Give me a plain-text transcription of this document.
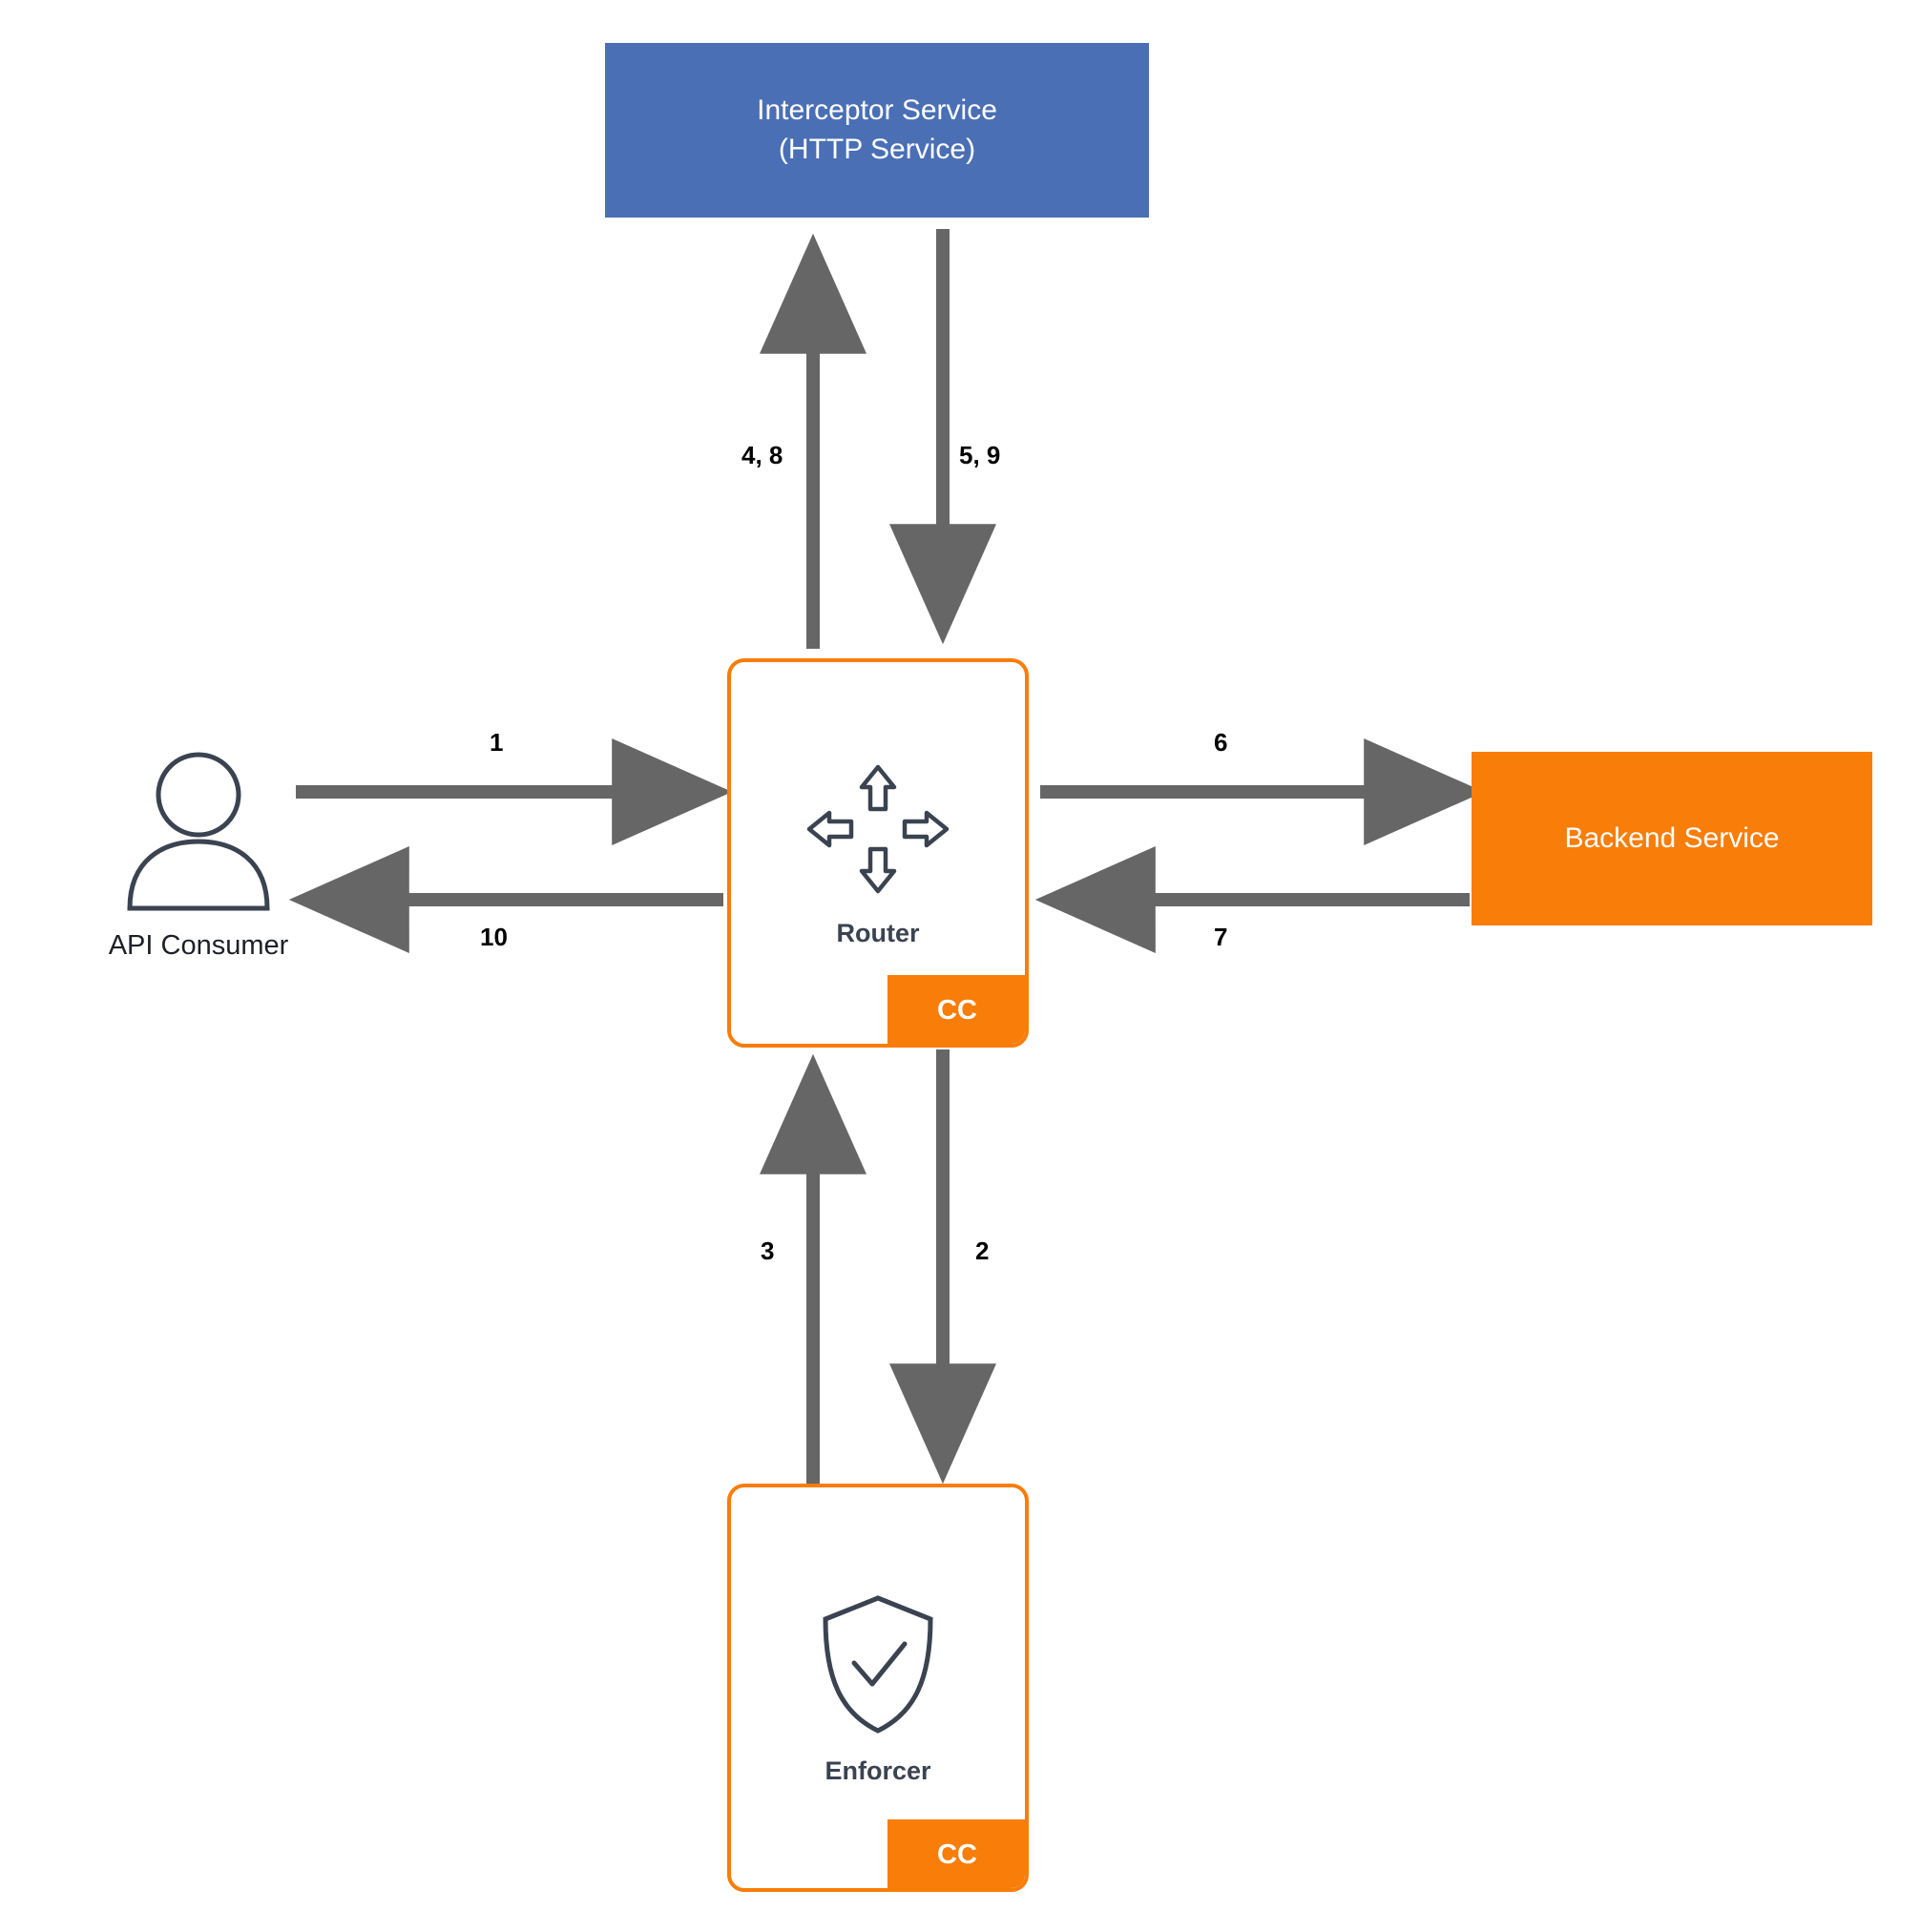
Interceptor Service
(HTTP Service)
Backend Service
Router
CC
Enforcer
CC
API Consumer
4, 8	5, 9
1
10
6
7
3	2
